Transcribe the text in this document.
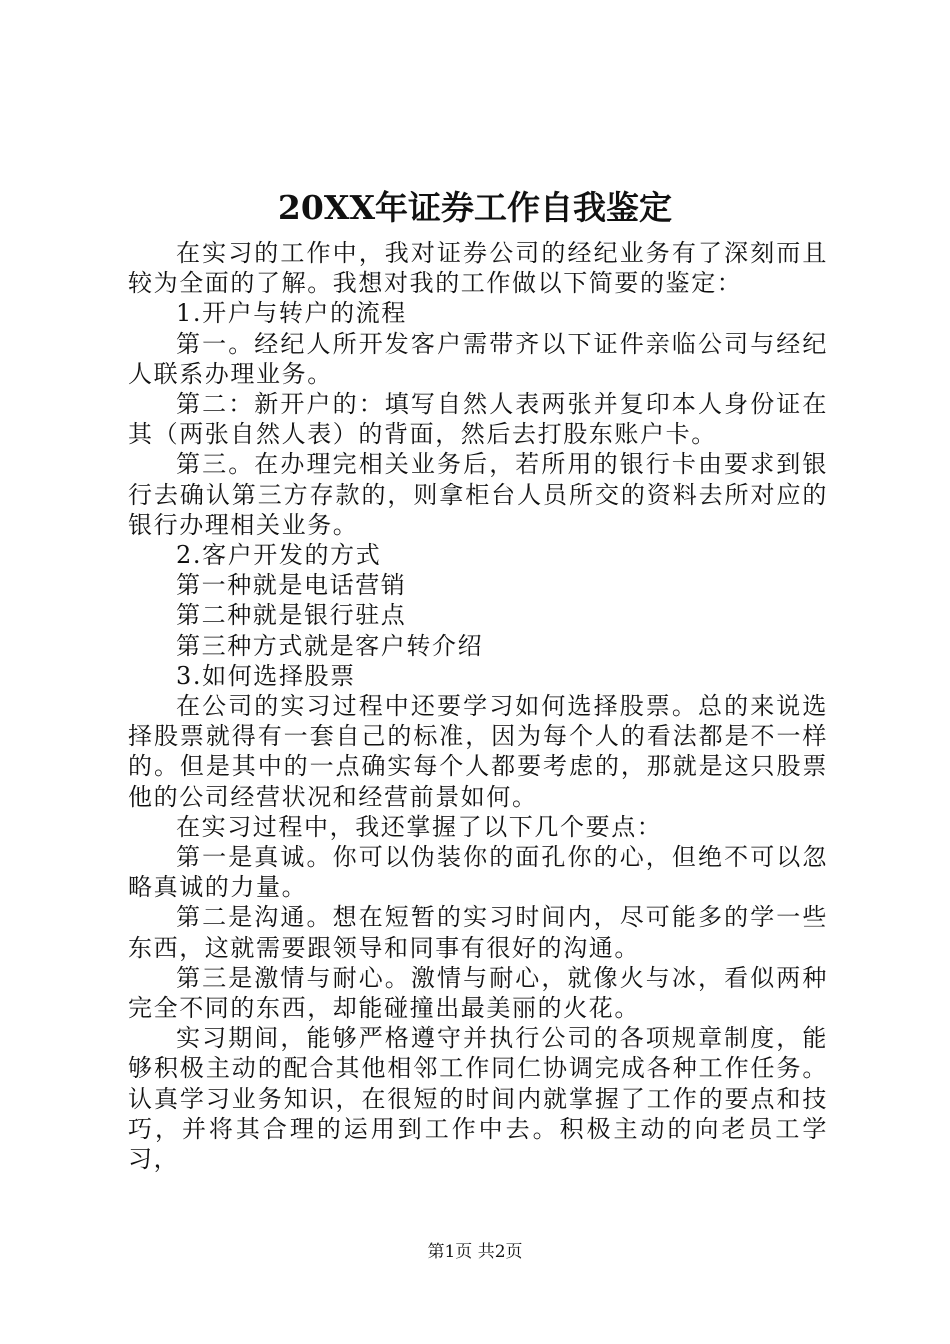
20XX年证券工作自我鉴定

在实习的工作中，我对证券公司的经纪业务有了深刻而且较为全面的了解。我想对我的工作做以下简要的鉴定：

1.开户与转户的流程

第一。经纪人所开发客户需带齐以下证件亲临公司与经纪人联系办理业务。

第二：新开户的：填写自然人表两张并复印本人身份证在其（两张自然人表）的背面，然后去打股东账户卡。

第三。在办理完相关业务后，若所用的银行卡由要求到银行去确认第三方存款的，则拿柜台人员所交的资料去所对应的银行办理相关业务。

2.客户开发的方式

第一种就是电话营销

第二种就是银行驻点

第三种方式就是客户转介绍

3.如何选择股票

在公司的实习过程中还要学习如何选择股票。总的来说选择股票就得有一套自己的标准，因为每个人的看法都是不一样的。但是其中的一点确实每个人都要考虑的，那就是这只股票他的公司经营状况和经营前景如何。

在实习过程中，我还掌握了以下几个要点：

第一是真诚。你可以伪装你的面孔你的心，但绝不可以忽略真诚的力量。

第二是沟通。想在短暂的实习时间内，尽可能多的学一些东西，这就需要跟领导和同事有很好的沟通。

第三是激情与耐心。激情与耐心，就像火与冰，看似两种完全不同的东西，却能碰撞出最美丽的火花。

实习期间，能够严格遵守并执行公司的各项规章制度，能够积极主动的配合其他相邻工作同仁协调完成各种工作任务。认真学习业务知识，在很短的时间内就掌握了工作的要点和技巧，并将其合理的运用到工作中去。积极主动的向老员工学习，

第1页 共2页
